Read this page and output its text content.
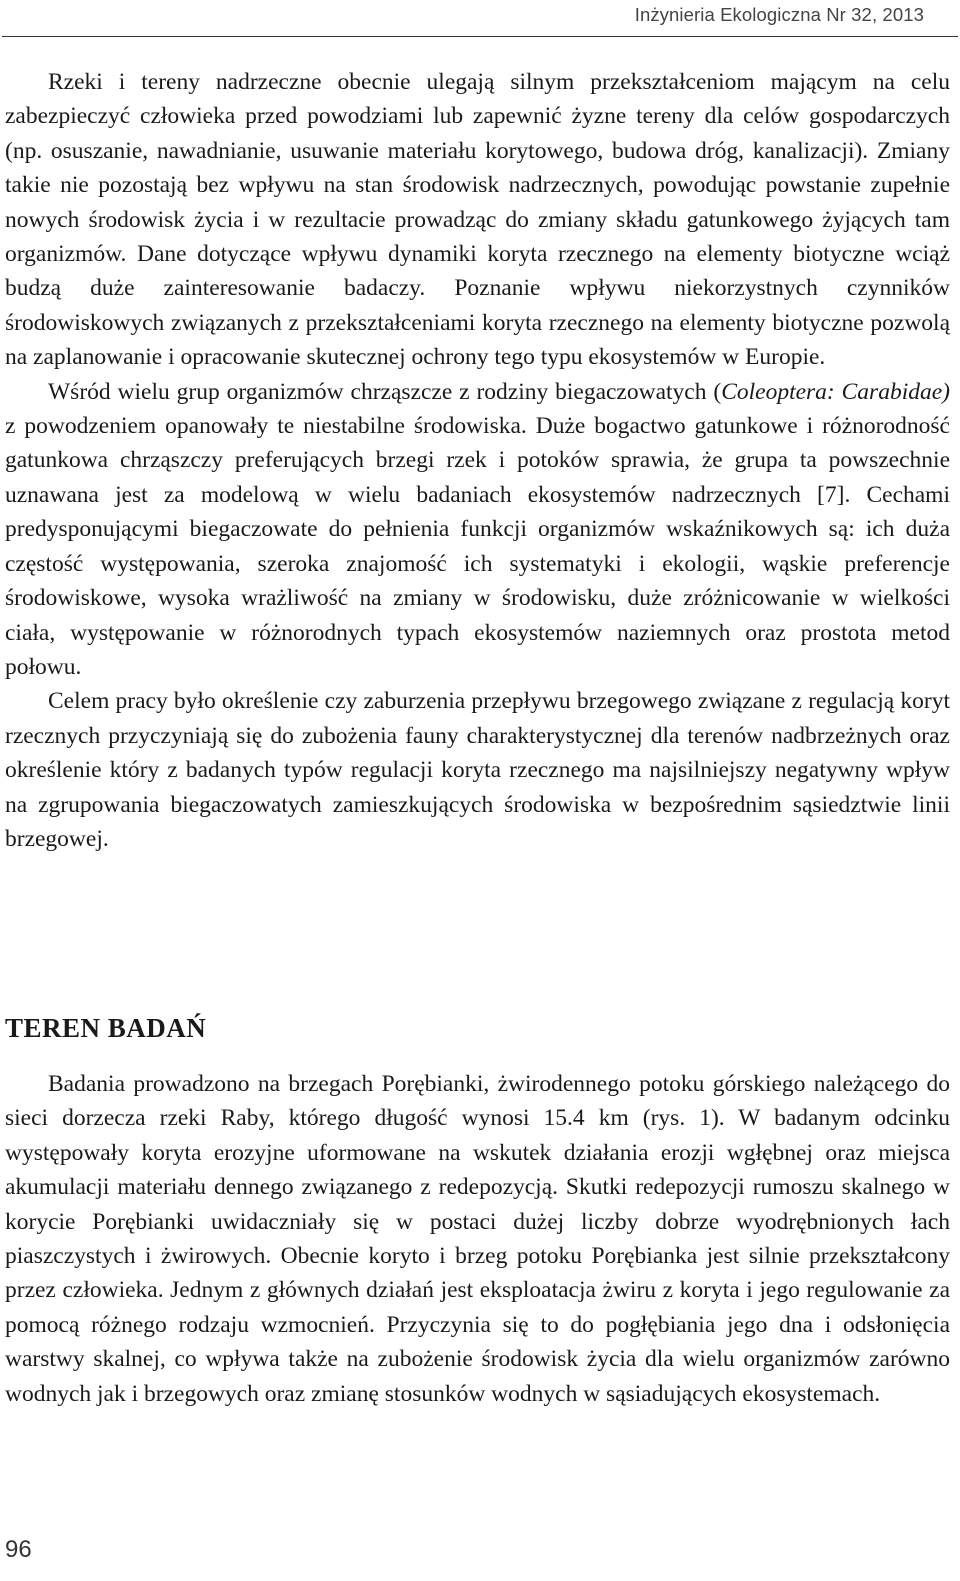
Inżynieria Ekologiczna Nr 32, 2013

Rzeki i tereny nadrzeczne obecnie ulegają silnym przekształceniom mającym na celu zabezpieczyć człowieka przed powodziami lub zapewnić żyzne tereny dla celów gospodarczych (np. osuszanie, nawadnianie, usuwanie materiału korytowego, budowa dróg, kanalizacji). Zmiany takie nie pozostają bez wpływu na stan środowisk nadrzecznych, powodując powstanie zupełnie nowych środowisk życia i w rezultacie prowadząc do zmiany składu gatunkowego żyjących tam organizmów. Dane dotyczące wpływu dynamiki koryta rzecznego na elementy biotyczne wciąż budzą duże zainteresowanie badaczy. Poznanie wpływu niekorzystnych czynników środowiskowych związanych z przekształceniami koryta rzecznego na elementy biotyczne pozwolą na zaplanowanie i opracowanie skutecznej ochrony tego typu ekosystemów w Europie.

Wśród wielu grup organizmów chrząszcze z rodziny biegaczowatych (Coleoptera: Carabidae) z powodzeniem opanowały te niestabilne środowiska. Duże bogactwo gatunkowe i różnorodność gatunkowa chrząszczy preferujących brzegi rzek i potoków sprawia, że grupa ta powszechnie uznawana jest za modelową w wielu badaniach ekosystemów nadrzecznych [7]. Cechami predysponującymi biegaczowate do pełnienia funkcji organizmów wskaźnikowych są: ich duża częstość występowania, szeroka znajomość ich systematyki i ekologii, wąskie preferencje środowiskowe, wysoka wrażliwość na zmiany w środowisku, duże zróżnicowanie w wielkości ciała, występowanie w różnorodnych typach ekosystemów naziemnych oraz prostota metod połowu.

Celem pracy było określenie czy zaburzenia przepływu brzegowego związane z regulacją koryt rzecznych przyczyniają się do zubożenia fauny charakterystycznej dla terenów nadbrzeżnych oraz określenie który z badanych typów regulacji koryta rzecznego ma najsilniejszy negatywny wpływ na zgrupowania biegaczowatych zamieszkujących środowiska w bezpośrednim sąsiedztwie linii brzegowej.

TEREN BADAŃ

Badania prowadzono na brzegach Porębianki, żwirodennego potoku górskiego należącego do sieci dorzecza rzeki Raby, którego długość wynosi 15.4 km (rys. 1). W badanym odcinku występowały koryta erozyjne uformowane na wskutek działania erozji wgłębnej oraz miejsca akumulacji materiału dennego związanego z redepozycją. Skutki redepozycji rumoszu skalnego w korycie Porębianki uwidaczniały się w postaci dużej liczby dobrze wyodrębnionych łach piaszczystych i żwirowych. Obecnie koryto i brzeg potoku Porębianka jest silnie przekształcony przez człowieka. Jednym z głównych działań jest eksploatacja żwiru z koryta i jego regulowanie za pomocą różnego rodzaju wzmocnień. Przyczynia się to do pogłębiania jego dna i odsłonięcia warstwy skalnej, co wpływa także na zubożenie środowisk życia dla wielu organizmów zarówno wodnych jak i brzegowych oraz zmianę stosunków wodnych w sąsiadujących ekosystemach.

96
